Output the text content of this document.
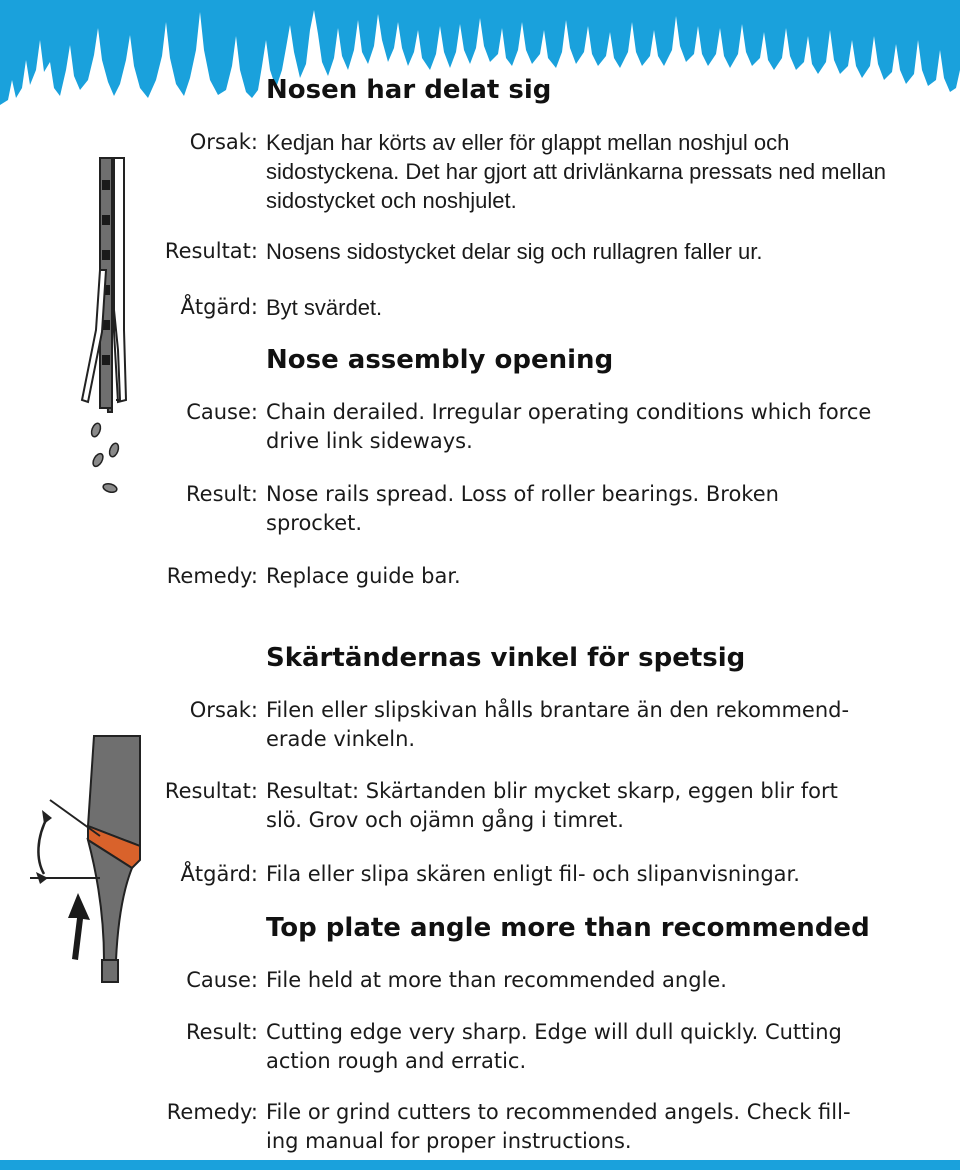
Nosen har delat sig
Orsak: Kedjan har körts av eller för glappt mellan noshjul och sidostyckena. Det har gjort att drivlänkarna pressats ned mellan sidostycket och noshjulet.
Resultat: Nosens sidostycket delar sig och rullagren faller ur.
Åtgärd: Byt svärdet.
Nose assembly opening
Cause: Chain derailed. Irregular operating conditions which force drive link sideways.
Result: Nose rails spread. Loss of roller bearings. Broken sprocket.
Remedy: Replace guide bar.
Skärtändernas vinkel för spetsig
Orsak: Filen eller slipskivan hålls brantare än den rekommend-erade vinkeln.
Resultat: Resultat: Skärtanden blir mycket skarp, eggen blir fort slö. Grov och ojämn gång i timret.
Åtgärd: Fila eller slipa skären enligt fil- och slipanvisningar.
Top plate angle more than recommended
Cause: File held at more than recommended angle.
Result: Cutting edge very sharp. Edge will dull quickly. Cutting action rough and erratic.
Remedy: File or grind cutters to recommended angels. Check fill-ing manual for proper instructions.
